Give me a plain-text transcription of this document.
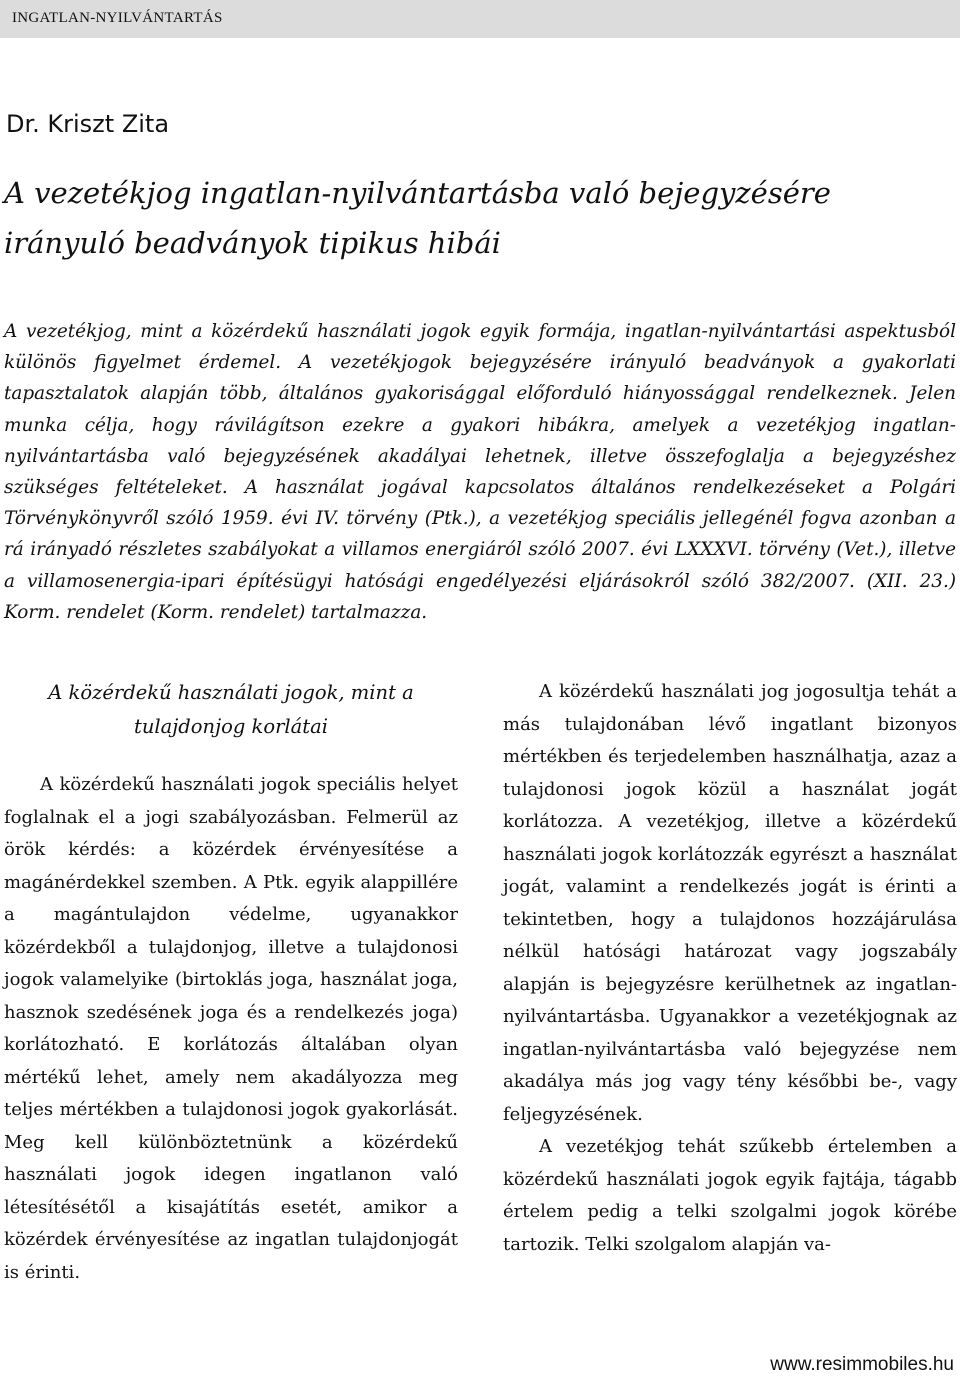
INGATLAN-NYILVÁNTARTÁS
Dr. Kriszt Zita
A vezetékjog ingatlan-nyilvántartásba való bejegyzésére irányuló beadványok tipikus hibái

A vezetékjog, mint a közérdekű használati jogok egyik formája, ingatlan-nyilvántartási aspektusból különös figyelmet érdemel. A vezetékjogok bejegyzésére irányuló beadványok a gyakorlati tapasztalatok alapján több, általános gyakorisággal előforduló hiányossággal rendelkeznek. Jelen munka célja, hogy rávilágítson ezekre a gyakori hibákra, amelyek a vezetékjog ingatlan-nyilvántartásba való bejegyzésének akadályai lehetnek, illetve összefoglalja a bejegyzéshez szükséges feltételeket. A használat jogával kapcsolatos általános rendelkezéseket a Polgári Törvénykönyvről szóló 1959. évi IV. törvény (Ptk.), a vezetékjog speciális jellegénél fogva azonban a rá irányadó részletes szabályokat a villamos energiáról szóló 2007. évi LXXXVI. törvény (Vet.), illetve a villamosenergia-ipari építésügyi hatósági engedélyezési eljárásokról szóló 382/2007. (XII. 23.) Korm. rendelet (Korm. rendelet) tartalmazza.

A közérdekű használati jogok, mint a tulajdonjog korlátai

A közérdekű használati jogok speciális helyet foglalnak el a jogi szabályozásban. Felmerül az örök kérdés: a közérdek érvényesítése a magánérdekkel szemben. A Ptk. egyik alappillére a magántulajdon védelme, ugyanakkor közérdekből a tulajdonjog, illetve a tulajdonosi jogok valamelyike (birtoklás joga, használat joga, hasznok szedésének joga és a rendelkezés joga) korlátozható. E korlátozás általában olyan mértékű lehet, amely nem akadályozza meg teljes mértékben a tulajdonosi jogok gyakorlását. Meg kell különböztetnünk a közérdekű használati jogok idegen ingatlanon való létesítésétől a kisajátítás esetét, amikor a közérdek érvényesítése az ingatlan tulajdonjogát is érinti.

A közérdekű használati jog jogosultja tehát a más tulajdonában lévő ingatlant bizonyos mértékben és terjedelemben használhatja, azaz a tulajdonosi jogok közül a használat jogát korlátozza. A vezetékjog, illetve a közérdekű használati jogok korlátozzák egyrészt a használat jogát, valamint a rendelkezés jogát is érinti a tekintetben, hogy a tulajdonos hozzájárulása nélkül hatósági határozat vagy jogszabály alapján is bejegyzésre kerülhetnek az ingatlan-nyilvántartásba. Ugyanakkor a vezetékjognak az ingatlan-nyilvántartásba való bejegyzése nem akadálya más jog vagy tény későbbi be-, vagy feljegyzésének.

A vezetékjog tehát szűkebb értelemben a közérdekű használati jogok egyik fajtája, tágabb értelem pedig a telki szolgalmi jogok körébe tartozik. Telki szolgalom alapján va-

www.resimmobiles.hu
